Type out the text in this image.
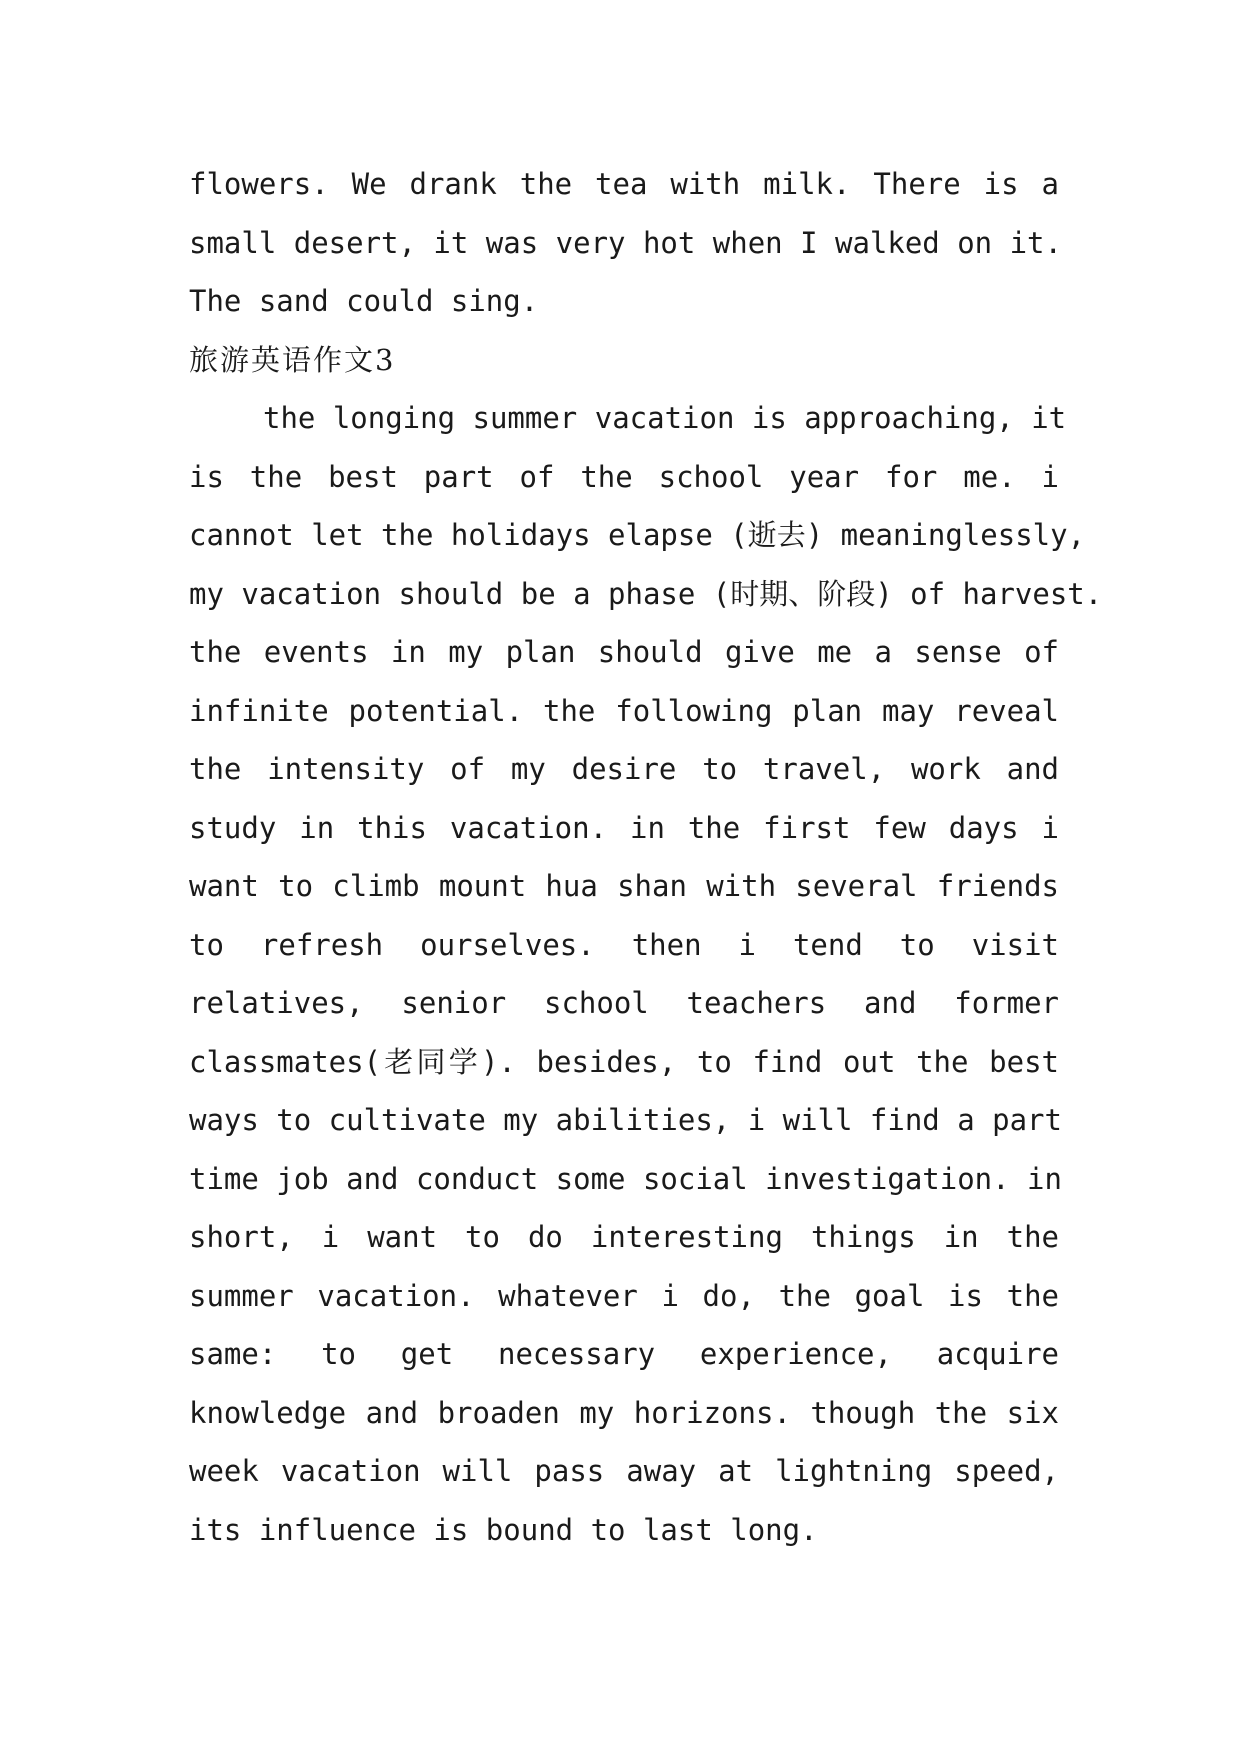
flowers. We drank the tea with milk. There is a
small desert, it was very hot when I walked on it.
The sand could sing.
旅游英语作文3
the longing summer vacation is approaching, it
is the best part of the school year for me. i
cannot let the holidays elapse (逝去) meaninglessly,
my vacation should be a phase (时期、阶段) of harvest.
the events in my plan should give me a sense of
infinite potential. the following plan may reveal
the intensity of my desire to travel, work and
study in this vacation. in the first few days i
want to climb mount hua shan with several friends
to refresh ourselves. then i tend to visit
relatives, senior school teachers and former
classmates(老同学). besides, to find out the best
ways to cultivate my abilities, i will find a part
time job and conduct some social investigation. in
short, i want to do interesting things in the
summer vacation. whatever i do, the goal is the
same: to get necessary experience, acquire
knowledge and broaden my horizons. though the six
week vacation will pass away at lightning speed,
its influence is bound to last long.
